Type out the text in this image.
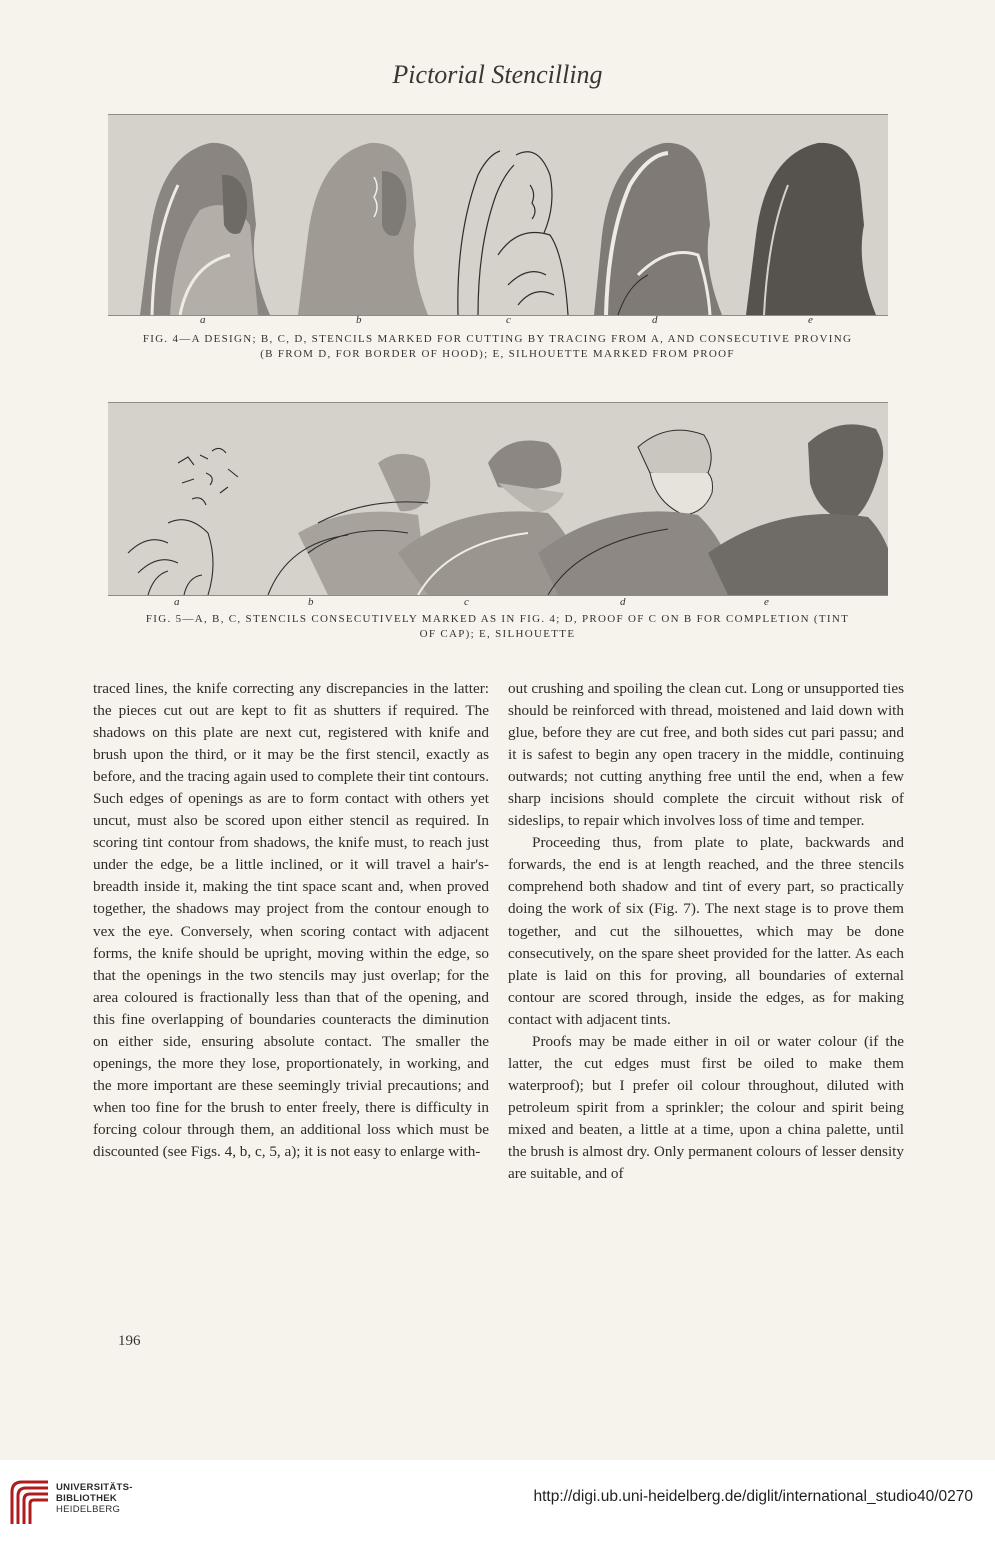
Pictorial Stencilling
a	b	c	d	e
FIG. 4—A DESIGN; B, C, D, STENCILS MARKED FOR CUTTING BY TRACING FROM A, AND CONSECUTIVE PROVING
(B FROM D, FOR BORDER OF HOOD); E, SILHOUETTE MARKED FROM PROOF
a	b	c	d	e
FIG. 5—A, B, C, STENCILS CONSECUTIVELY MARKED AS IN FIG. 4; D, PROOF OF C ON B FOR COMPLETION (TINT
OF CAP); E, SILHOUETTE

traced lines, the knife correcting any discrepancies in the latter: the pieces cut out are kept to fit as shutters if required. The shadows on this plate are next cut, registered with knife and brush upon the third, or it may be the first stencil, exactly as before, and the tracing again used to complete their tint contours. Such edges of openings as are to form contact with others yet uncut, must also be scored upon either stencil as required. In scoring tint contour from shadows, the knife must, to reach just under the edge, be a little inclined, or it will travel a hair's-breadth inside it, making the tint space scant and, when proved together, the shadows may project from the contour enough to vex the eye. Conversely, when scoring contact with adjacent forms, the knife should be upright, moving within the edge, so that the openings in the two stencils may just overlap; for the area coloured is fractionally less than that of the opening, and this fine overlapping of boundaries counteracts the diminution on either side, ensuring absolute contact. The smaller the openings, the more they lose, proportionately, in working, and the more important are these seemingly trivial precautions; and when too fine for the brush to enter freely, there is difficulty in forcing colour through them, an additional loss which must be discounted (see Figs. 4, b, c, 5, a); it is not easy to enlarge with-

out crushing and spoiling the clean cut. Long or unsupported ties should be reinforced with thread, moistened and laid down with glue, before they are cut free, and both sides cut pari passu; and it is safest to begin any open tracery in the middle, continuing outwards; not cutting anything free until the end, when a few sharp incisions should complete the circuit without risk of sideslips, to repair which involves loss of time and temper.

Proceeding thus, from plate to plate, backwards and forwards, the end is at length reached, and the three stencils comprehend both shadow and tint of every part, so practically doing the work of six (Fig. 7). The next stage is to prove them together, and cut the silhouettes, which may be done consecutively, on the spare sheet provided for the latter. As each plate is laid on this for proving, all boundaries of external contour are scored through, inside the edges, as for making contact with adjacent tints.

Proofs may be made either in oil or water colour (if the latter, the cut edges must first be oiled to make them waterproof); but I prefer oil colour throughout, diluted with petroleum spirit from a sprinkler; the colour and spirit being mixed and beaten, a little at a time, upon a china palette, until the brush is almost dry. Only permanent colours of lesser density are suitable, and of

196
UNIVERSITÄTS-
BIBLIOTHEK
HEIDELBERG
http://digi.ub.uni-heidelberg.de/diglit/international_studio40/0270
